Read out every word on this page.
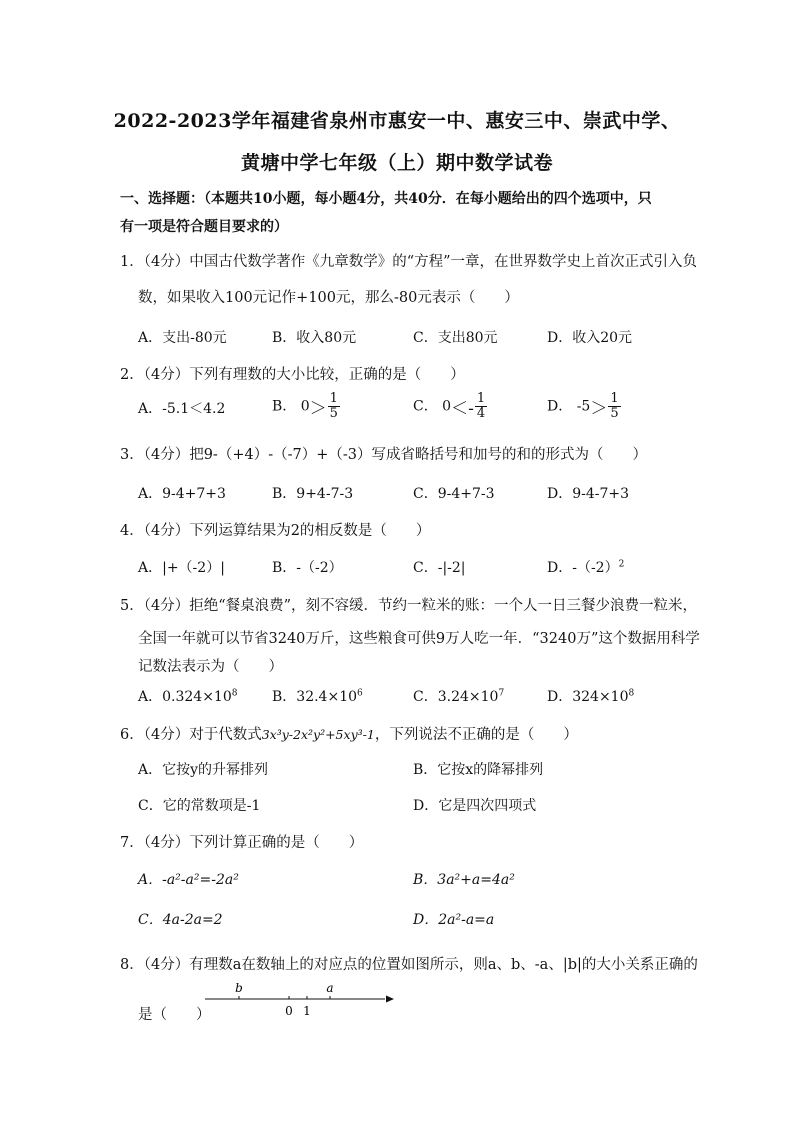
2022-2023学年福建省泉州市惠安一中、惠安三中、崇武中学、
黄塘中学七年级（上）期中数学试卷
一、选择题：（本题共10小题，每小题4分，共40分．在每小题给出的四个选项中，只
有一项是符合题目要求的）
1．（4分）中国古代数学著作《九章数学》的“方程”一章，在世界数学史上首次正式引入负
数，如果收入100元记作+100元，那么-80元表示（　　）
A．支出-80元	B．收入80元	C．支出80元	D．收入20元
2．（4分）下列有理数的大小比较，正确的是（　　）
A．-5.1＜4.2	B． $0> \frac{1}{5}$	C． $0<- \frac{1}{4}$	D． $-5> \frac{1}{5}$
3．（4分）把9-（+4）-（-7）+（-3）写成省略括号和加号的和的形式为（　　）
A．9-4+7+3	B．9+4-7-3	C．9-4+7-3	D．9-4-7+3
4．（4分）下列运算结果为2的相反数是（　　）
A．|+（-2）|	B．-（-2）	C．-|-2|	D．$-(-2)^2$
5．（4分）拒绝“餐桌浪费”，刻不容缓．节约一粒米的账：一个人一日三餐少浪费一粒米，
全国一年就可以节省3240万斤，这些粮食可供9万人吃一年．“3240万”这个数据用科学
记数法表示为（　　）
A．$0.324\times 10^8$ B．$32.4\times 10^6$	C．$3.24\times 10^7$	D．$324\times 10^8$
6．（4分）对于代数式3x³y-2x²y²+5xy³-1，下列说法不正确的是（　　）
A．它按y的升幂排列	B．它按x的降幂排列
C．它的常数项是-1	D．它是四次四项式
7．（4分）下列计算正确的是（　　）
A．-a²-a²=-2a²	B．3a²+a=4a²
C．4a-2a=2	D．2a²-a=a
8．（4分）有理数a在数轴上的对应点的位置如图所示，则a、b、-a、|b|的大小关系正确的
是（　　）
b	a
0 1
